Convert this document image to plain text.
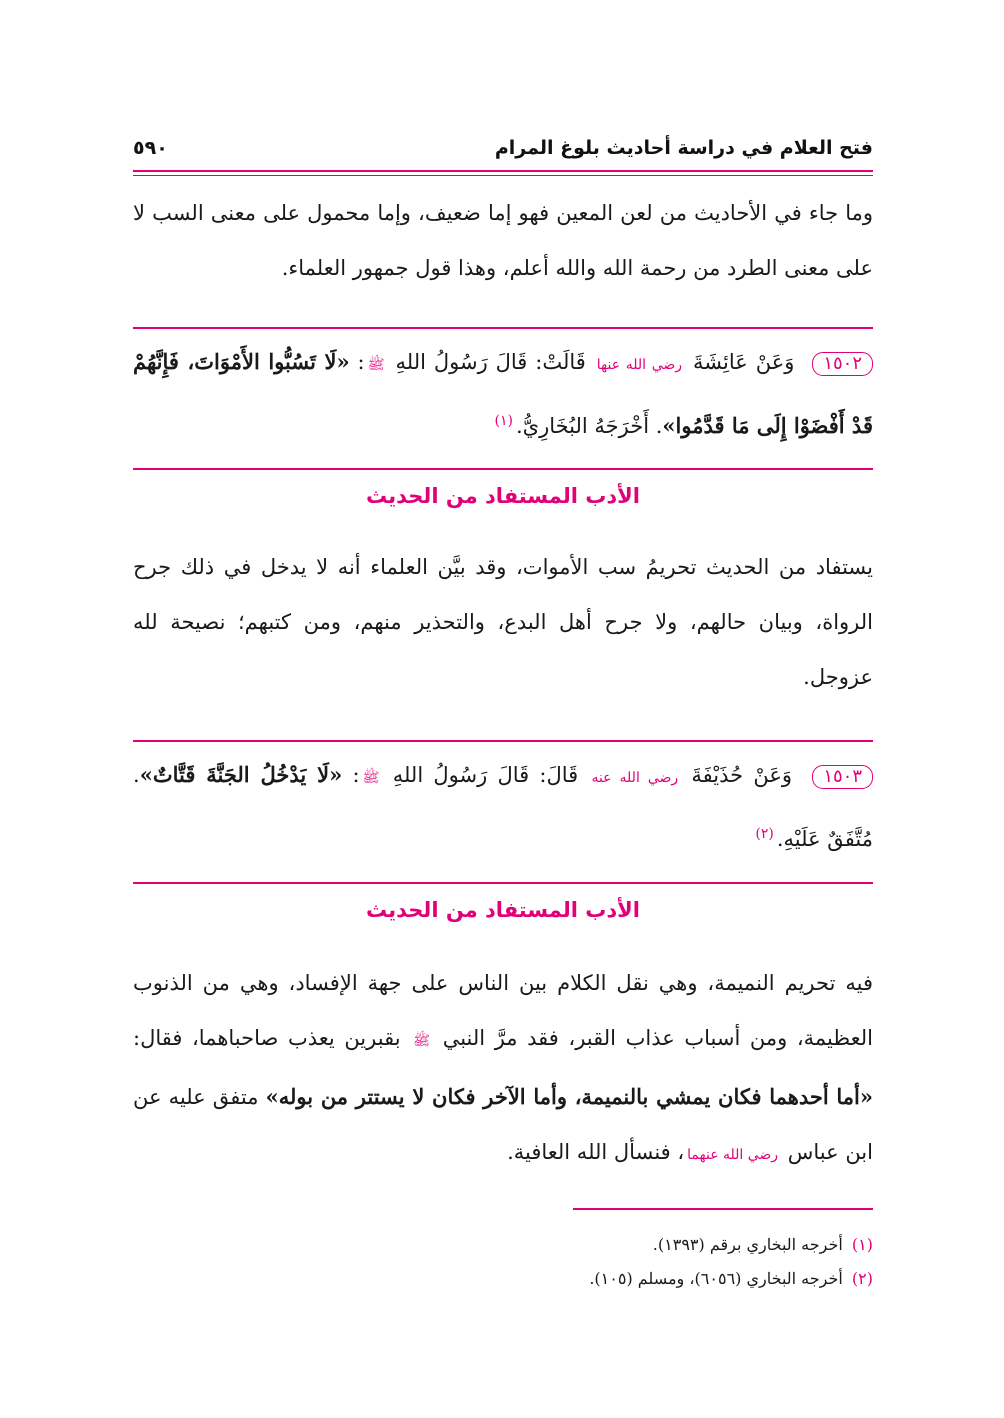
فتح العلام في دراسة أحاديث بلوغ المرام
٥٩٠

وما جاء في الأحاديث من لعن المعين فهو إما ضعيف، وإما محمول على معنى السب لا على معنى الطرد من رحمة الله والله أعلم، وهذا قول جمهور العلماء.

١٥٠٢ وَعَنْ عَائِشَةَ رضي الله عنها قَالَتْ: قَالَ رَسُولُ اللهِ ﷺ: «لَا تَسُبُّوا الأَمْوَاتَ، فَإِنَّهُمْ قَدْ أَفْضَوْا إِلَى مَا قَدَّمُوا». أَخْرَجَهُ البُخَارِيُّ.$^{(١)}$

الأدب المستفاد من الحديث

يستفاد من الحديث تحريمُ سب الأموات، وقد بيَّن العلماء أنه لا يدخل في ذلك جرح الرواة، وبيان حالهم، ولا جرح أهل البدع، والتحذير منهم، ومن كتبهم؛ نصيحة لله عزوجل.

١٥٠٣ وَعَنْ حُذَيْفَةَ رضي الله عنه قَالَ: قَالَ رَسُولُ اللهِ ﷺ: «لَا يَدْخُلُ الجَنَّةَ قَتَّاتٌ». مُتَّفَقٌ عَلَيْهِ.$^{(٢)}$

الأدب المستفاد من الحديث

فيه تحريم النميمة، وهي نقل الكلام بين الناس على جهة الإفساد، وهي من الذنوب العظيمة، ومن أسباب عذاب القبر، فقد مرَّ النبي ﷺ بقبرين يعذب صاحباهما، فقال: «أما أحدهما فكان يمشي بالنميمة، وأما الآخر فكان لا يستتر من بوله» متفق عليه عن ابن عباس رضي الله عنهما، فنسأل الله العافية.

(١) أخرجه البخاري برقم (١٣٩٣).

(٢) أخرجه البخاري (٦٠٥٦)، ومسلم (١٠٥).
